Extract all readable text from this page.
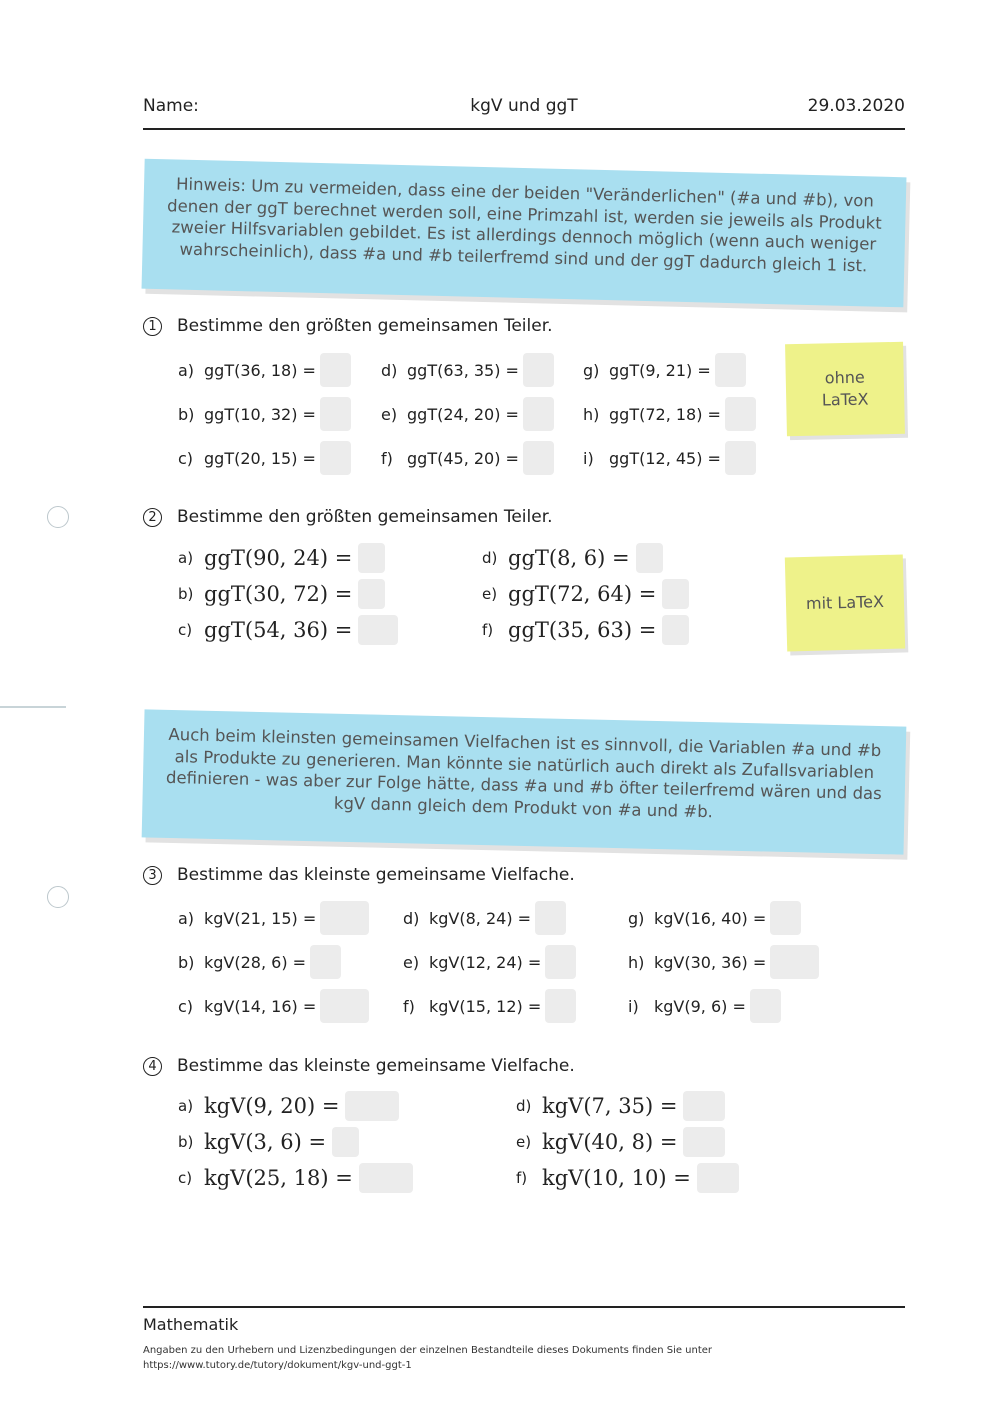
Name:	kgV und ggT	29.03.2020
Hinweis: Um zu vermeiden, dass eine der beiden "Veränderlichen" (#a und #b), von denen der ggT berechnet werden soll, eine Primzahl ist, werden sie jeweils als Produkt zweier Hilfsvariablen gebildet. Es ist allerdings dennoch möglich (wenn auch weniger wahrscheinlich), dass #a und #b teilerfremd sind und der ggT dadurch gleich 1 ist.
1	Bestimme den größten gemeinsamen Teiler.
a) ggT(36, 18) =
b) ggT(10, 32) =
c) ggT(20, 15) =
d) ggT(63, 35) =
e) ggT(24, 20) =
f) ggT(45, 20) =
g) ggT(9, 21) =
h) ggT(72, 18) =
i) ggT(12, 45) =
ohne LaTeX
2	Bestimme den größten gemeinsamen Teiler.
a) ggT(90, 24) =
b) ggT(30, 72) =
c) ggT(54, 36) =
d) ggT(8, 6) =
e) ggT(72, 64) =
f) ggT(35, 63) =
mit LaTeX
Auch beim kleinsten gemeinsamen Vielfachen ist es sinnvoll, die Variablen #a und #b als Produkte zu generieren. Man könnte sie natürlich auch direkt als Zufallsvariablen definieren - was aber zur Folge hätte, dass #a und #b öfter teilerfremd wären und das kgV dann gleich dem Produkt von #a und #b.
3	Bestimme das kleinste gemeinsame Vielfache.
a) kgV(21, 15) =
b) kgV(28, 6) =
c) kgV(14, 16) =
d) kgV(8, 24) =
e) kgV(12, 24) =
f) kgV(15, 12) =
g) kgV(16, 40) =
h) kgV(30, 36) =
i) kgV(9, 6) =
4	Bestimme das kleinste gemeinsame Vielfache.
a) kgV(9, 20) =
b) kgV(3, 6) =
c) kgV(25, 18) =
d) kgV(7, 35) =
e) kgV(40, 8) =
f) kgV(10, 10) =
Mathematik
Angaben zu den Urhebern und Lizenzbedingungen der einzelnen Bestandteile dieses Dokuments finden Sie unter
https://www.tutory.de/tutory/dokument/kgv-und-ggt-1
